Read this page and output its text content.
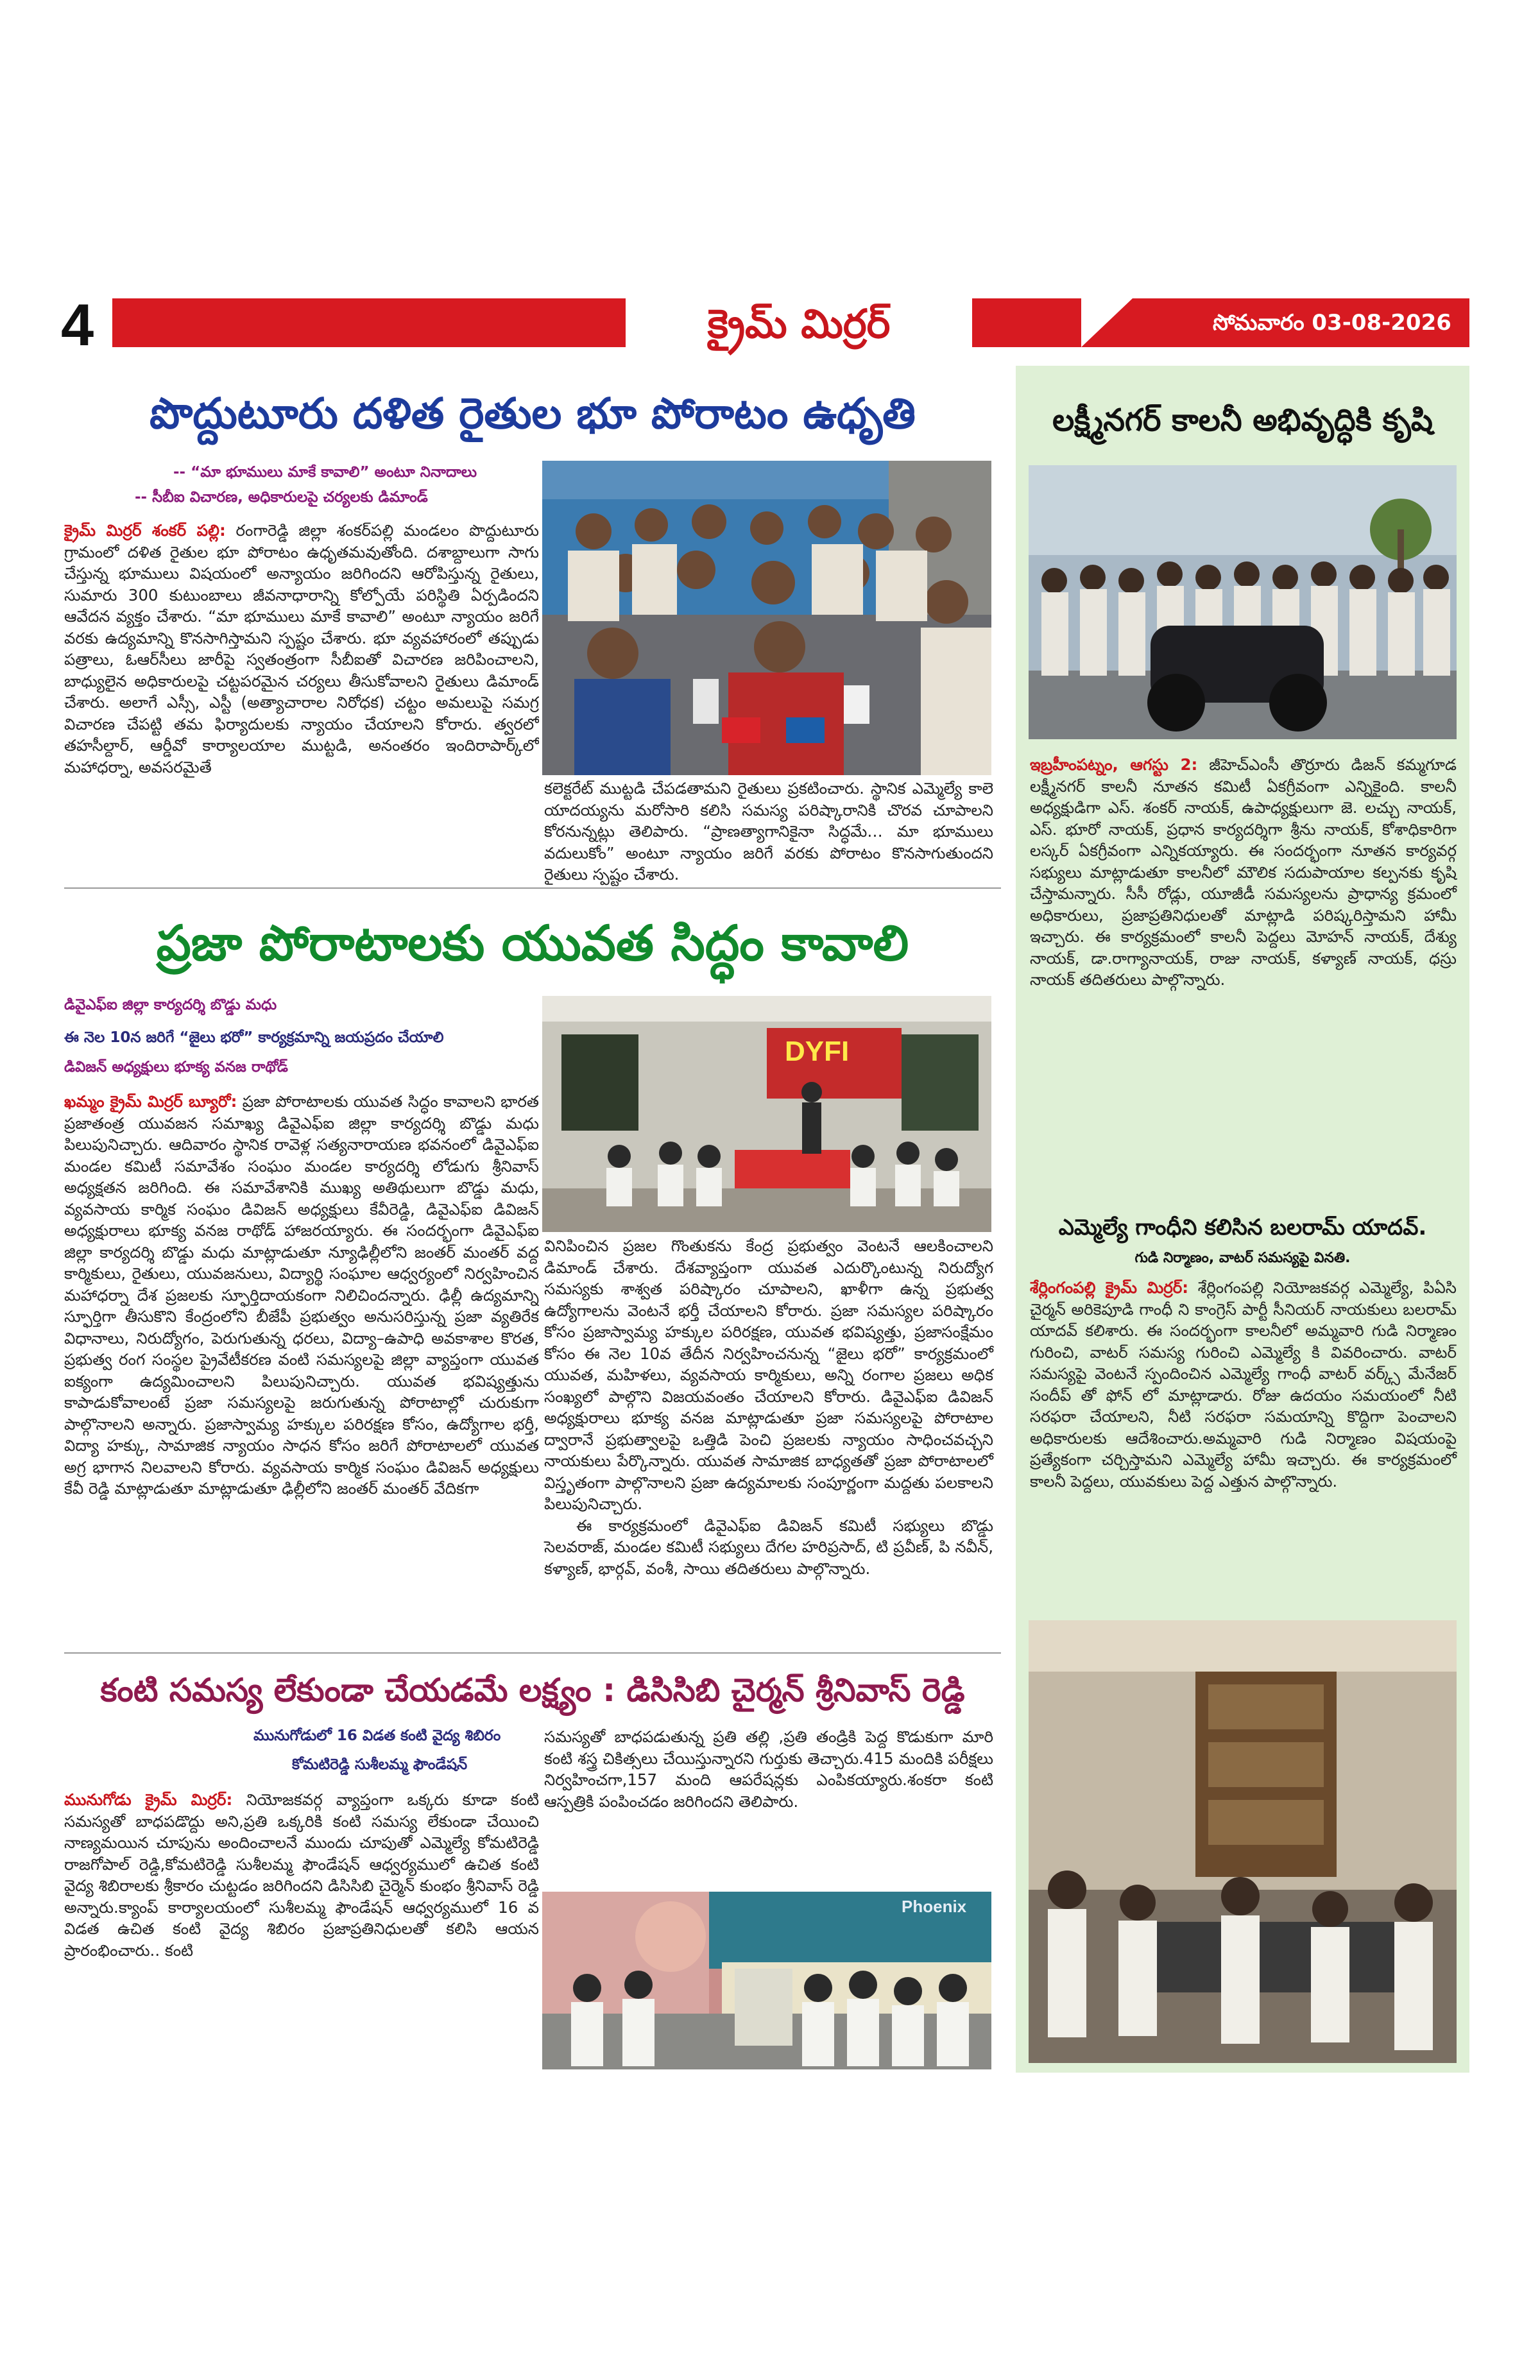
4	క్రైమ్ మిర్రర్	సోమవారం 03-08-2026
పొద్దుటూరు దళిత రైతుల భూ పోరాటం ఉధృతి
-- “మా భూములు మాకే కావాలి” అంటూ నినాదాలు
-- సీబీఐ విచారణ, అధికారులపై చర్యలకు డిమాండ్
క్రైమ్ మిర్రర్ శంకర్ పల్లి: రంగారెడ్డి జిల్లా శంకర్‌పల్లి మండలం పొద్దుటూరు గ్రామంలో దళిత రైతుల భూ పోరాటం ఉధృతమవుతోంది. దశాబ్దాలుగా సాగు చేస్తున్న భూములు విషయంలో అన్యాయం జరిగిందని ఆరోపిస్తున్న రైతులు, సుమారు 300 కుటుంబాలు జీవనాధారాన్ని కోల్పోయే పరిస్థితి ఏర్పడిందని ఆవేదన వ్యక్తం చేశారు. “మా భూములు మాకే కావాలి” అంటూ న్యాయం జరిగే వరకు ఉద్యమాన్ని కొనసాగిస్తామని స్పష్టం చేశారు. భూ వ్యవహారంలో తప్పుడు పత్రాలు, ఓఆర్‌సీలు జారీపై స్వతంత్రంగా సీబీఐతో విచారణ జరిపించాలని, బాధ్యులైన అధికారులపై చట్టపరమైన చర్యలు తీసుకోవాలని రైతులు డిమాండ్ చేశారు. అలాగే ఎస్సీ, ఎస్టీ (అత్యాచారాల నిరోధక) చట్టం అమలుపై సమగ్ర విచారణ చేపట్టి తమ ఫిర్యాదులకు న్యాయం చేయాలని కోరారు. త్వరలో తహసీల్దార్, ఆర్డీవో కార్యాలయాల ముట్టడి, అనంతరం ఇందిరాపార్క్‌లో మహాధర్నా, అవసరమైతే
కలెక్టరేట్ ముట్టడి చేపడతామని రైతులు ప్రకటించారు. స్థానిక ఎమ్మెల్యే కాలె యాదయ్యను మరోసారి కలిసి సమస్య పరిష్కారానికి చొరవ చూపాలని కోరనున్నట్లు తెలిపారు. “ప్రాణత్యాగానికైనా సిద్ధమే… మా భూములు వదులుకోం” అంటూ న్యాయం జరిగే వరకు పోరాటం కొనసాగుతుందని రైతులు స్పష్టం చేశారు.
ప్రజా పోరాటాలకు యువత సిద్ధం కావాలి
డివైఎఫ్ఐ జిల్లా కార్యదర్శి బొడ్డు మధు
ఈ నెల 10న జరిగే “జైలు భరో” కార్యక్రమాన్ని జయప్రదం చేయాలి
డివిజన్ అధ్యక్షులు భూక్య వనజ రాథోడ్
ఖమ్మం క్రైమ్ మిర్రర్ బ్యూరో: ప్రజా పోరాటాలకు యువత సిద్ధం కావాలని భారత ప్రజాతంత్ర యువజన సమాఖ్య డివైఎఫ్ఐ జిల్లా కార్యదర్శి బొడ్డు మధు పిలుపునిచ్చారు. ఆదివారం స్థానిక రావెళ్ల సత్యనారాయణ భవనంలో డివైఎఫ్ఐ మండల కమిటీ సమావేశం సంఘం మండల కార్యదర్శి లోడుగు శ్రీనివాస్ అధ్యక్షతన జరిగింది. ఈ సమావేశానికి ముఖ్య అతిథులుగా బొడ్డు మధు, వ్యవసాయ కార్మిక సంఘం డివిజన్ అధ్యక్షులు కేవీరెడ్డి, డివైఎఫ్ఐ డివిజన్ అధ్యక్షురాలు భూక్య వనజ రాథోడ్ హాజరయ్యారు. ఈ సందర్భంగా డివైఎఫ్ఐ జిల్లా కార్యదర్శి బొడ్డు మధు మాట్లాడుతూ న్యూఢిల్లీలోని జంతర్ మంతర్ వద్ద కార్మికులు, రైతులు, యువజనులు, విద్యార్థి సంఘాల ఆధ్వర్యంలో నిర్వహించిన మహాధర్నా దేశ ప్రజలకు స్ఫూర్తిదాయకంగా నిలిచిందన్నారు. ఢిల్లీ ఉద్యమాన్ని స్ఫూర్తిగా తీసుకొని కేంద్రంలోని బీజేపీ ప్రభుత్వం అనుసరిస్తున్న ప్రజా వ్యతిరేక విధానాలు, నిరుద్యోగం, పెరుగుతున్న ధరలు, విద్యా–ఉపాధి అవకాశాల కొరత, ప్రభుత్వ రంగ సంస్థల ప్రైవేటీకరణ వంటి సమస్యలపై జిల్లా వ్యాప్తంగా యువత ఐక్యంగా ఉద్యమించాలని పిలుపునిచ్చారు. యువత భవిష్యత్తును కాపాడుకోవాలంటే ప్రజా సమస్యలపై జరుగుతున్న పోరాటాల్లో చురుకుగా పాల్గొనాలని అన్నారు. ప్రజాస్వామ్య హక్కుల పరిరక్షణ కోసం, ఉద్యోగాల భర్తీ, విద్యా హక్కు, సామాజిక న్యాయం సాధన కోసం జరిగే పోరాటాలలో యువత అగ్ర భాగాన నిలవాలని కోరారు. వ్యవసాయ కార్మిక సంఘం డివిజన్ అధ్యక్షులు కేవీ రెడ్డి మాట్లాడుతూ మాట్లాడుతూ ఢిల్లీలోని జంతర్ మంతర్ వేదికగా
DYFI
వినిపించిన ప్రజల గొంతుకను కేంద్ర ప్రభుత్వం వెంటనే ఆలకించాలని డిమాండ్ చేశారు. దేశవ్యాప్తంగా యువత ఎదుర్కొంటున్న నిరుద్యోగ సమస్యకు శాశ్వత పరిష్కారం చూపాలని, ఖాళీగా ఉన్న ప్రభుత్వ ఉద్యోగాలను వెంటనే భర్తీ చేయాలని కోరారు. ప్రజా సమస్యల పరిష్కారం కోసం ప్రజాస్వామ్య హక్కుల పరిరక్షణ, యువత భవిష్యత్తు, ప్రజాసంక్షేమం కోసం ఈ నెల 10వ తేదీన నిర్వహించనున్న “జైలు భరో” కార్యక్రమంలో యువత, మహిళలు, వ్యవసాయ కార్మికులు, అన్ని రంగాల ప్రజలు అధిక సంఖ్యలో పాల్గొని విజయవంతం చేయాలని కోరారు. డివైఎఫ్ఐ డివిజన్ అధ్యక్షురాలు భూక్య వనజ మాట్లాడుతూ ప్రజా సమస్యలపై పోరాటాల ద్వారానే ప్రభుత్వాలపై ఒత్తిడి పెంచి ప్రజలకు న్యాయం సాధించవచ్చని నాయకులు పేర్కొన్నారు. యువత సామాజిక బాధ్యతతో ప్రజా పోరాటాలలో విస్తృతంగా పాల్గొనాలని ప్రజా ఉద్యమాలకు సంపూర్ణంగా మద్దతు పలకాలని పిలుపునిచ్చారు.
ఈ కార్యక్రమంలో డివైఎఫ్ఐ డివిజన్ కమిటీ సభ్యులు బొడ్డు సెలవరాజ్, మండల కమిటీ సభ్యులు దేగల హరిప్రసాద్, టి ప్రవీణ్, పి నవీన్, కళ్యాణ్, భార్గవ్, వంశీ, సాయి తదితరులు పాల్గొన్నారు.
కంటి సమస్య లేకుండా చేయడమే లక్ష్యం : డిసిసిబి చైర్మన్ శ్రీనివాస్ రెడ్డి
మునుగోడులో 16 విడత కంటి వైద్య శిబిరం
కోమటిరెడ్డి సుశీలమ్మ ఫౌండేషన్
మునుగోడు క్రైమ్ మిర్రర్: నియోజకవర్గ వ్యాప్తంగా ఒక్కరు కూడా కంటి సమస్యతో బాధపడొద్దు అని,ప్రతి ఒక్కరికి కంటి సమస్య లేకుండా చేయించి నాణ్యమయిన చూపును అందించాలనే ముందు చూపుతో ఎమ్మెల్యే కోమటిరెడ్డి రాజగోపాల్ రెడ్డి,కోమటిరెడ్డి సుశీలమ్మ ఫౌండేషన్ ఆధ్వర్యములో ఉచిత కంటి వైద్య శిబిరాలకు శ్రీకారం చుట్టడం జరిగిందని డిసిసిబి చైర్మెన్ కుంభం శ్రీనివాస్ రెడ్డి అన్నారు.క్యాంప్ కార్యాలయంలో సుశీలమ్మ ఫౌండేషన్ ఆధ్వర్యములో 16 వ విడత ఉచిత కంటి వైద్య శిబిరం ప్రజాప్రతినిధులతో కలిసి ఆయన ప్రారంభించారు.. కంటి
సమస్యతో బాధపడుతున్న ప్రతి తల్లి ,ప్రతి తండ్రికి పెద్ద కొడుకుగా మారి కంటి శస్త్ర చికిత్సలు చేయిస్తున్నారని గుర్తుకు తెచ్చారు.415 మందికి పరీక్షలు నిర్వహించగా,157 మంది ఆపరేషన్లకు ఎంపికయ్యారు.శంకరా కంటి ఆస్పత్రికి పంపించడం జరిగిందని తెలిపారు.
Phoenix
లక్ష్మీనగర్ కాలనీ అభివృద్ధికి కృషి
ఇబ్రహీంపట్నం, ఆగస్టు 2: జీహెచ్ఎంసీ తొర్రూరు డిజన్ కమ్మగూడ లక్ష్మీనగర్ కాలనీ నూతన కమిటీ ఏకగ్రీవంగా ఎన్నికైంది. కాలనీ అధ్యక్షుడిగా ఎస్. శంకర్ నాయక్, ఉపాధ్యక్షులుగా జె. లచ్చు నాయక్, ఎస్. భూరో నాయక్, ప్రధాన కార్యదర్శిగా శ్రీను నాయక్, కోశాధికారిగా లస్కర్ ఏకగ్రీవంగా ఎన్నికయ్యారు. ఈ సందర్భంగా నూతన కార్యవర్గ సభ్యులు మాట్లాడుతూ కాలనీలో మౌలిక సదుపాయాల కల్పనకు కృషి చేస్తామన్నారు. సీసీ రోడ్లు, యూజీడీ సమస్యలను ప్రాధాన్య క్రమంలో అధికారులు, ప్రజాప్రతినిధులతో మాట్లాడి పరిష్కరిస్తామని హామీ ఇచ్చారు. ఈ కార్యక్రమంలో కాలనీ పెద్దలు మోహన్ నాయక్, దేశ్యు నాయక్, డా.రాగ్యానాయక్, రాజు నాయక్, కళ్యాణ్ నాయక్, ధస్రు నాయక్ తదితరులు పాల్గొన్నారు.
ఎమ్మెల్యే గాంధీని కలిసిన బలరామ్ యాదవ్.
గుడి నిర్మాణం, వాటర్ సమస్యపై వినతి.
శేర్లింగంపల్లి క్రైమ్ మిర్రర్: శేర్లింగంపల్లి నియోజకవర్గ ఎమ్మెల్యే, పిఏసి చైర్మన్ అరికెపూడి గాంధీ ని కాంగ్రెస్ పార్టీ సీనియర్ నాయకులు బలరామ్ యాదవ్ కలిశారు. ఈ సందర్భంగా కాలనీలో అమ్మవారి గుడి నిర్మాణం గురించి, వాటర్ సమస్య గురించి ఎమ్మెల్యే కి వివరించారు. వాటర్ సమస్యపై వెంటనే స్పందించిన ఎమ్మెల్యే గాంధీ వాటర్ వర్క్స్ మేనేజర్ సందీప్ తో ఫోన్ లో మాట్లాడారు. రోజు ఉదయం సమయంలో నీటి సరఫరా చేయాలని, నీటి సరఫరా సమయాన్ని కొద్దిగా పెంచాలని అధికారులకు ఆదేశించారు.అమ్మవారి గుడి నిర్మాణం విషయంపై ప్రత్యేకంగా చర్చిస్తామని ఎమ్మెల్యే హామీ ఇచ్చారు. ఈ కార్యక్రమంలో కాలనీ పెద్దలు, యువకులు పెద్ద ఎత్తున పాల్గొన్నారు.
